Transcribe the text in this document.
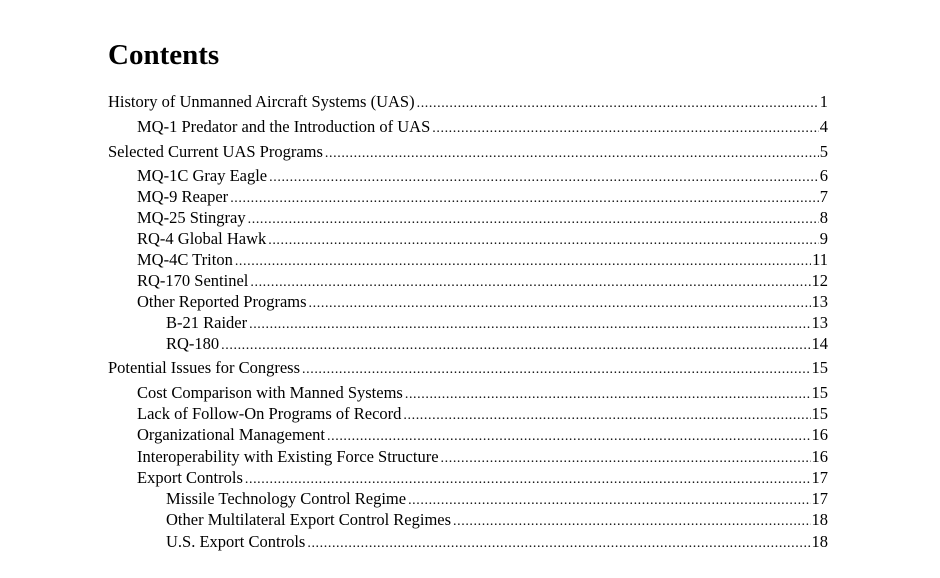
Contents
History of Unmanned Aircraft Systems (UAS) .....	1
MQ-1 Predator and the Introduction of UAS .....	4
Selected Current UAS Programs .....	5
MQ-1C Gray Eagle .....	6
MQ-9 Reaper .....	7
MQ-25 Stingray .....	8
RQ-4 Global Hawk .....	9
MQ-4C Triton .....	11
RQ-170 Sentinel .....	12
Other Reported Programs .....	13
B-21 Raider .....	13
RQ-180 .....	14
Potential Issues for Congress .....	15
Cost Comparison with Manned Systems .....	15
Lack of Follow-On Programs of Record .....	15
Organizational Management .....	16
Interoperability with Existing Force Structure .....	16
Export Controls .....	17
Missile Technology Control Regime .....	17
Other Multilateral Export Control Regimes .....	18
U.S. Export Controls .....	18
